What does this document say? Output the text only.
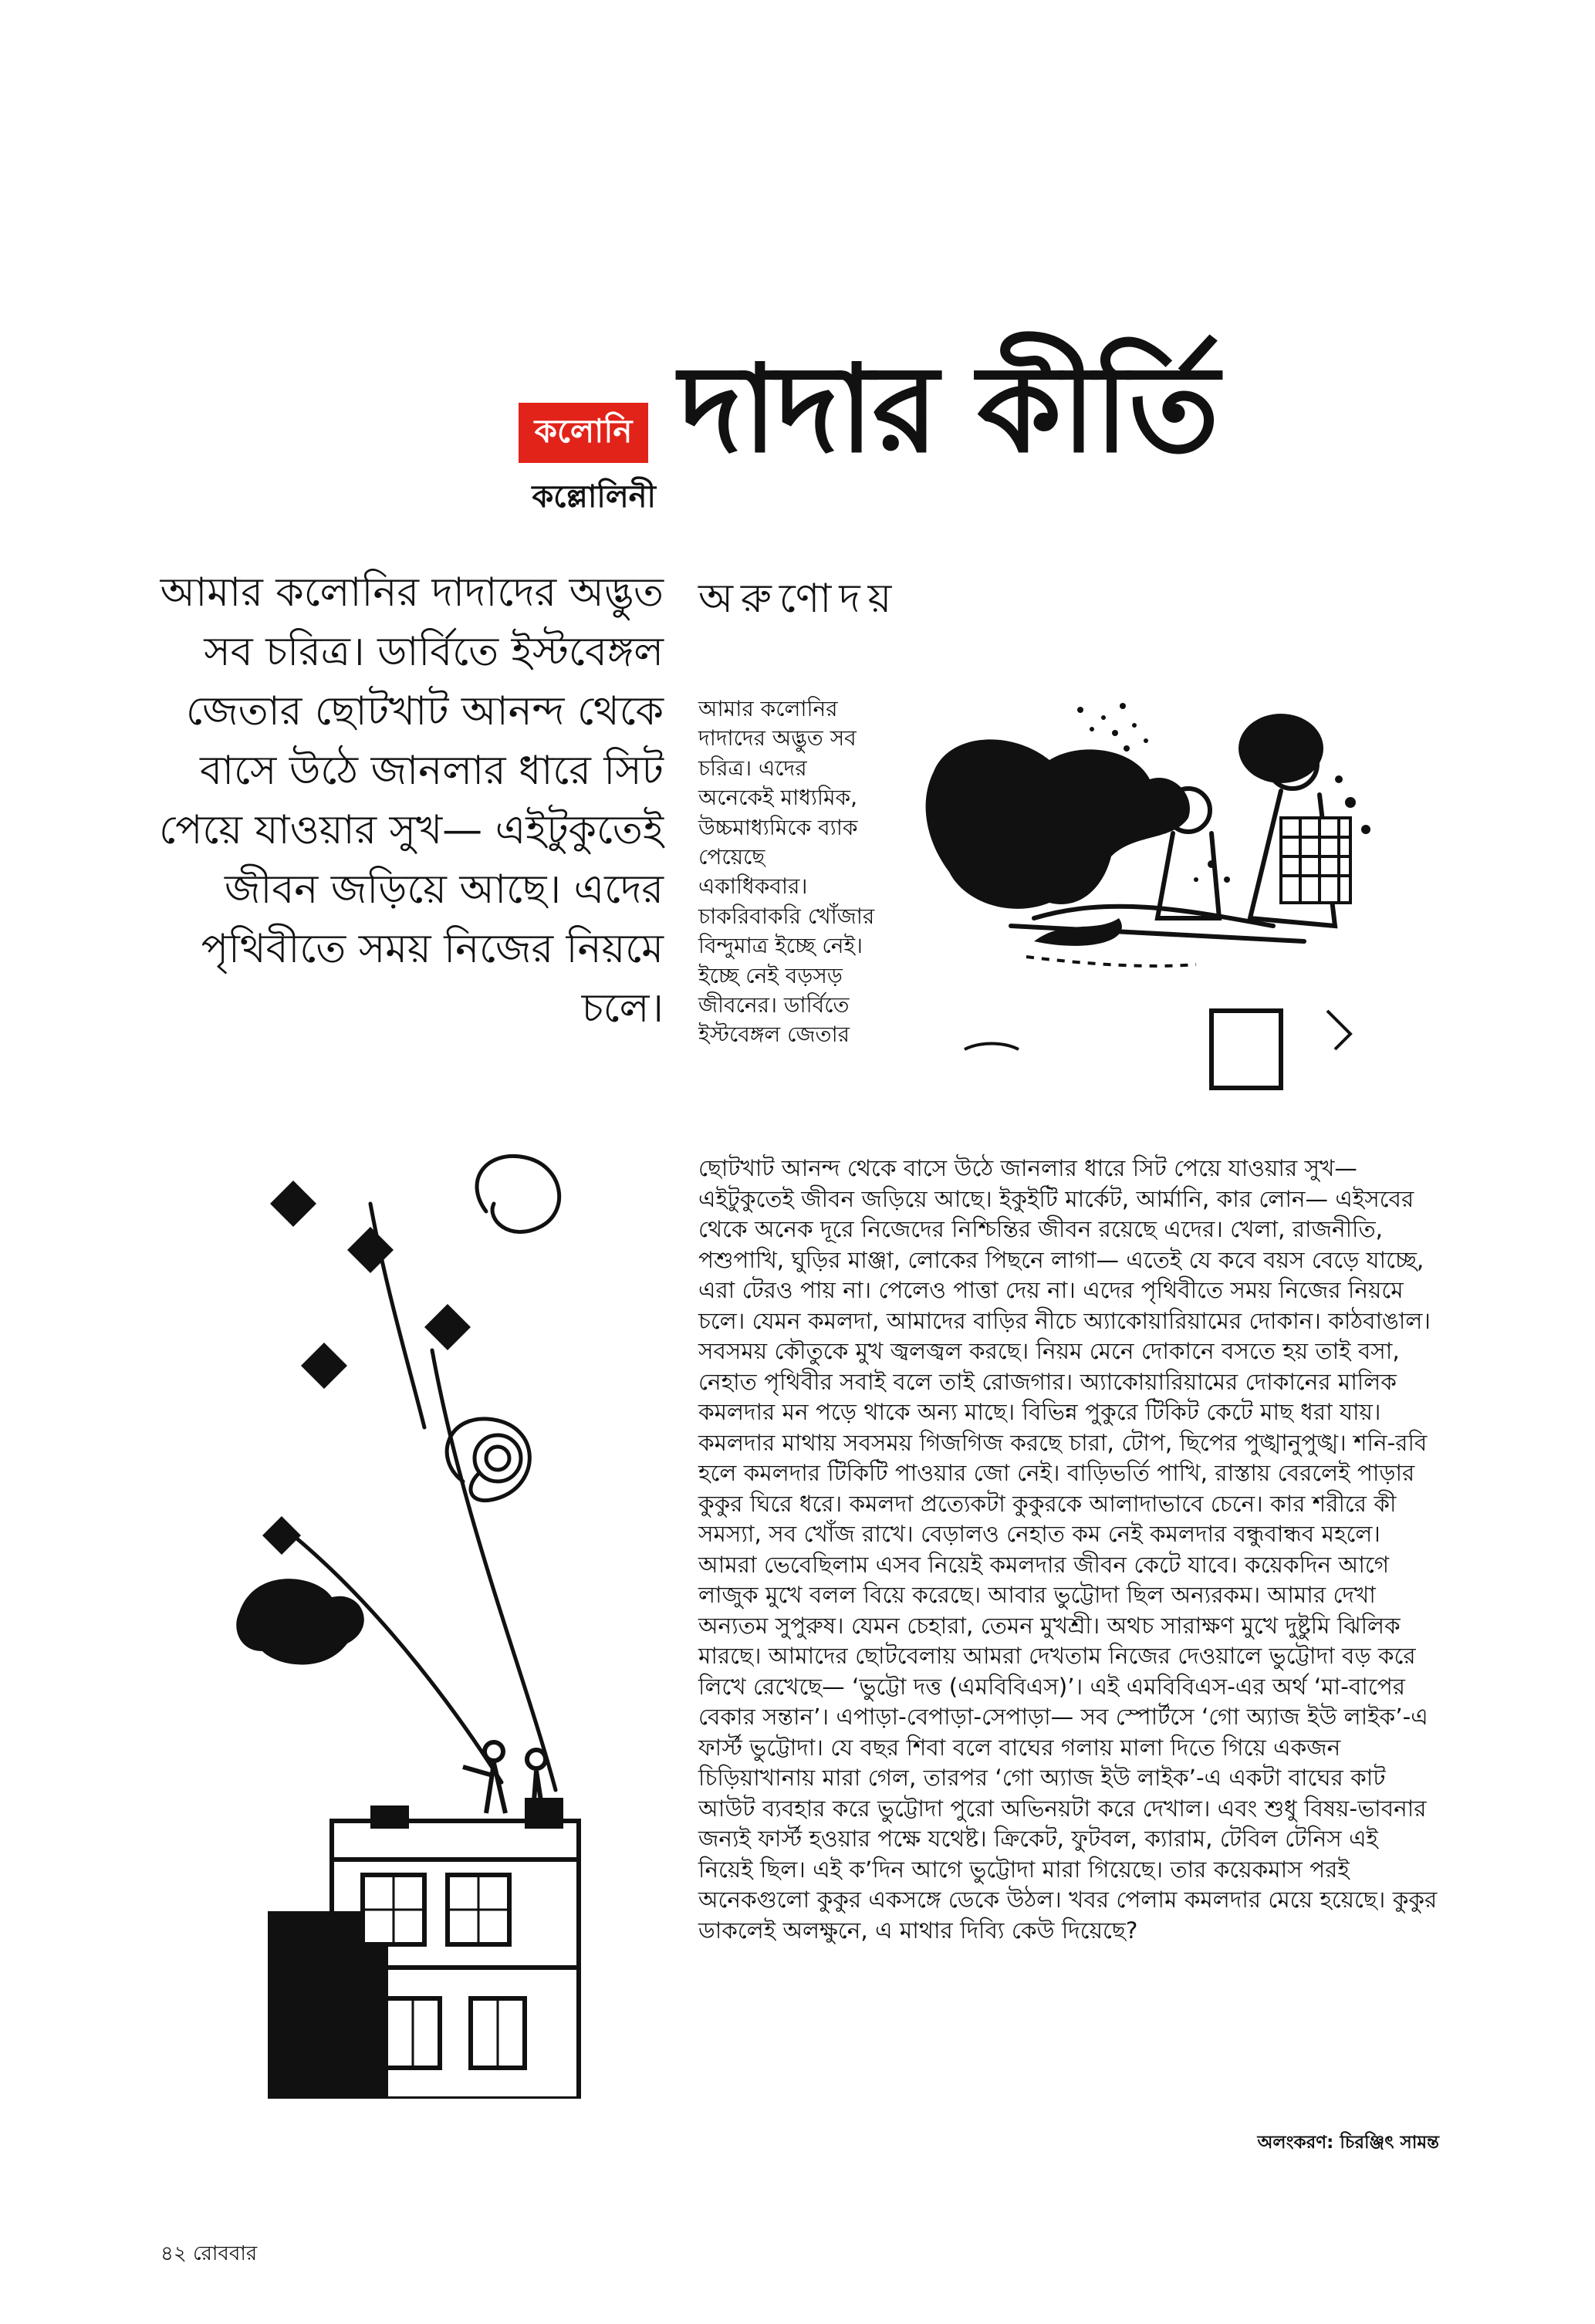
কলোনি
কল্লোলিনী
দাদার কীর্তি
অরুণোদয়
আমার কলোনির দাদাদের অদ্ভুত সব চরিত্র। ডার্বিতে ইস্টবেঙ্গল জেতার ছোটখাট আনন্দ থেকে বাসে উঠে জানলার ধারে সিট পেয়ে যাওয়ার সুখ— এইটুকুতেই জীবন জড়িয়ে আছে। এদের পৃথিবীতে সময় নিজের নিয়মে চলে।
আমার কলোনির দাদাদের অদ্ভুত সব চরিত্র। এদের অনেকেই মাধ্যমিক, উচ্চমাধ্যমিকে ব্যাক পেয়েছে একাধিকবার। চাকরিবাকরি খোঁজার বিন্দুমাত্র ইচ্ছে নেই। ইচ্ছে নেই বড়সড় জীবনের। ডার্বিতে ইস্টবেঙ্গল জেতার
ছোটখাট আনন্দ থেকে বাসে উঠে জানলার ধারে সিট পেয়ে যাওয়ার সুখ— এইটুকুতেই জীবন জড়িয়ে আছে। ইকুইটি মার্কেট, আর্মানি, কার লোন— এইসবের থেকে অনেক দূরে নিজেদের নিশ্চিন্তির জীবন রয়েছে এদের। খেলা, রাজনীতি, পশুপাখি, ঘুড়ির মাঞ্জা, লোকের পিছনে লাগা— এতেই যে কবে বয়স বেড়ে যাচ্ছে, এরা টেরও পায় না। পেলেও পাত্তা দেয় না। এদের পৃথিবীতে সময় নিজের নিয়মে চলে। যেমন কমলদা, আমাদের বাড়ির নীচে অ্যাকোয়ারিয়ামের দোকান। কাঠবাঙাল। সবসময় কৌতুকে মুখ জ্বলজ্বল করছে। নিয়ম মেনে দোকানে বসতে হয় তাই বসা, নেহাত পৃথিবীর সবাই বলে তাই রোজগার। অ্যাকোয়ারিয়ামের দোকানের মালিক কমলদার মন পড়ে থাকে অন্য মাছে। বিভিন্ন পুকুরে টিকিট কেটে মাছ ধরা যায়। কমলদার মাথায় সবসময় গিজগিজ করছে চারা, টোপ, ছিপের পুঙ্খানুপুঙ্খ। শনি-রবি হলে কমলদার টিকিটি পাওয়ার জো নেই। বাড়িভর্তি পাখি, রাস্তায় বেরলেই পাড়ার কুকুর ঘিরে ধরে। কমলদা প্রত্যেকটা কুকুরকে আলাদাভাবে চেনে। কার শরীরে কী সমস্যা, সব খোঁজ রাখে। বেড়ালও নেহাত কম নেই কমলদার বন্ধুবান্ধব মহলে। আমরা ভেবেছিলাম এসব নিয়েই কমলদার জীবন কেটে যাবে। কয়েকদিন আগে লাজুক মুখে বলল বিয়ে করেছে। আবার ভুট্টোদা ছিল অন্যরকম। আমার দেখা অন্যতম সুপুরুষ। যেমন চেহারা, তেমন মুখশ্রী। অথচ সারাক্ষণ মুখে দুষ্টুমি ঝিলিক মারছে। আমাদের ছোটবেলায় আমরা দেখতাম নিজের দেওয়ালে ভুট্টোদা বড় করে লিখে রেখেছে— ‘ভুট্টো দত্ত (এমবিবিএস)’। এই এমবিবিএস-এর অর্থ ‘মা-বাপের বেকার সন্তান’। এপাড়া-বেপাড়া-সেপাড়া— সব স্পোর্টসে ‘গো অ্যাজ ইউ লাইক’-এ ফার্স্ট ভুট্টোদা। যে বছর শিবা বলে বাঘের গলায় মালা দিতে গিয়ে একজন চিড়িয়াখানায় মারা গেল, তারপর ‘গো অ্যাজ ইউ লাইক’-এ একটা বাঘের কাট আউট ব্যবহার করে ভুট্টোদা পুরো অভিনয়টা করে দেখাল। এবং শুধু বিষয়-ভাবনার জন্যই ফার্স্ট হওয়ার পক্ষে যথেষ্ট। ক্রিকেট, ফুটবল, ক্যারাম, টেবিল টেনিস এই নিয়েই ছিল। এই ক’দিন আগে ভুট্টোদা মারা গিয়েছে। তার কয়েকমাস পরই অনেকগুলো কুকুর একসঙ্গে ডেকে উঠল। খবর পেলাম কমলদার মেয়ে হয়েছে। কুকুর ডাকলেই অলক্ষুনে, এ মাথার দিব্যি কেউ দিয়েছে?
অলংকরণ: চিরঞ্জিৎ সামন্ত
৪২ রোববার
